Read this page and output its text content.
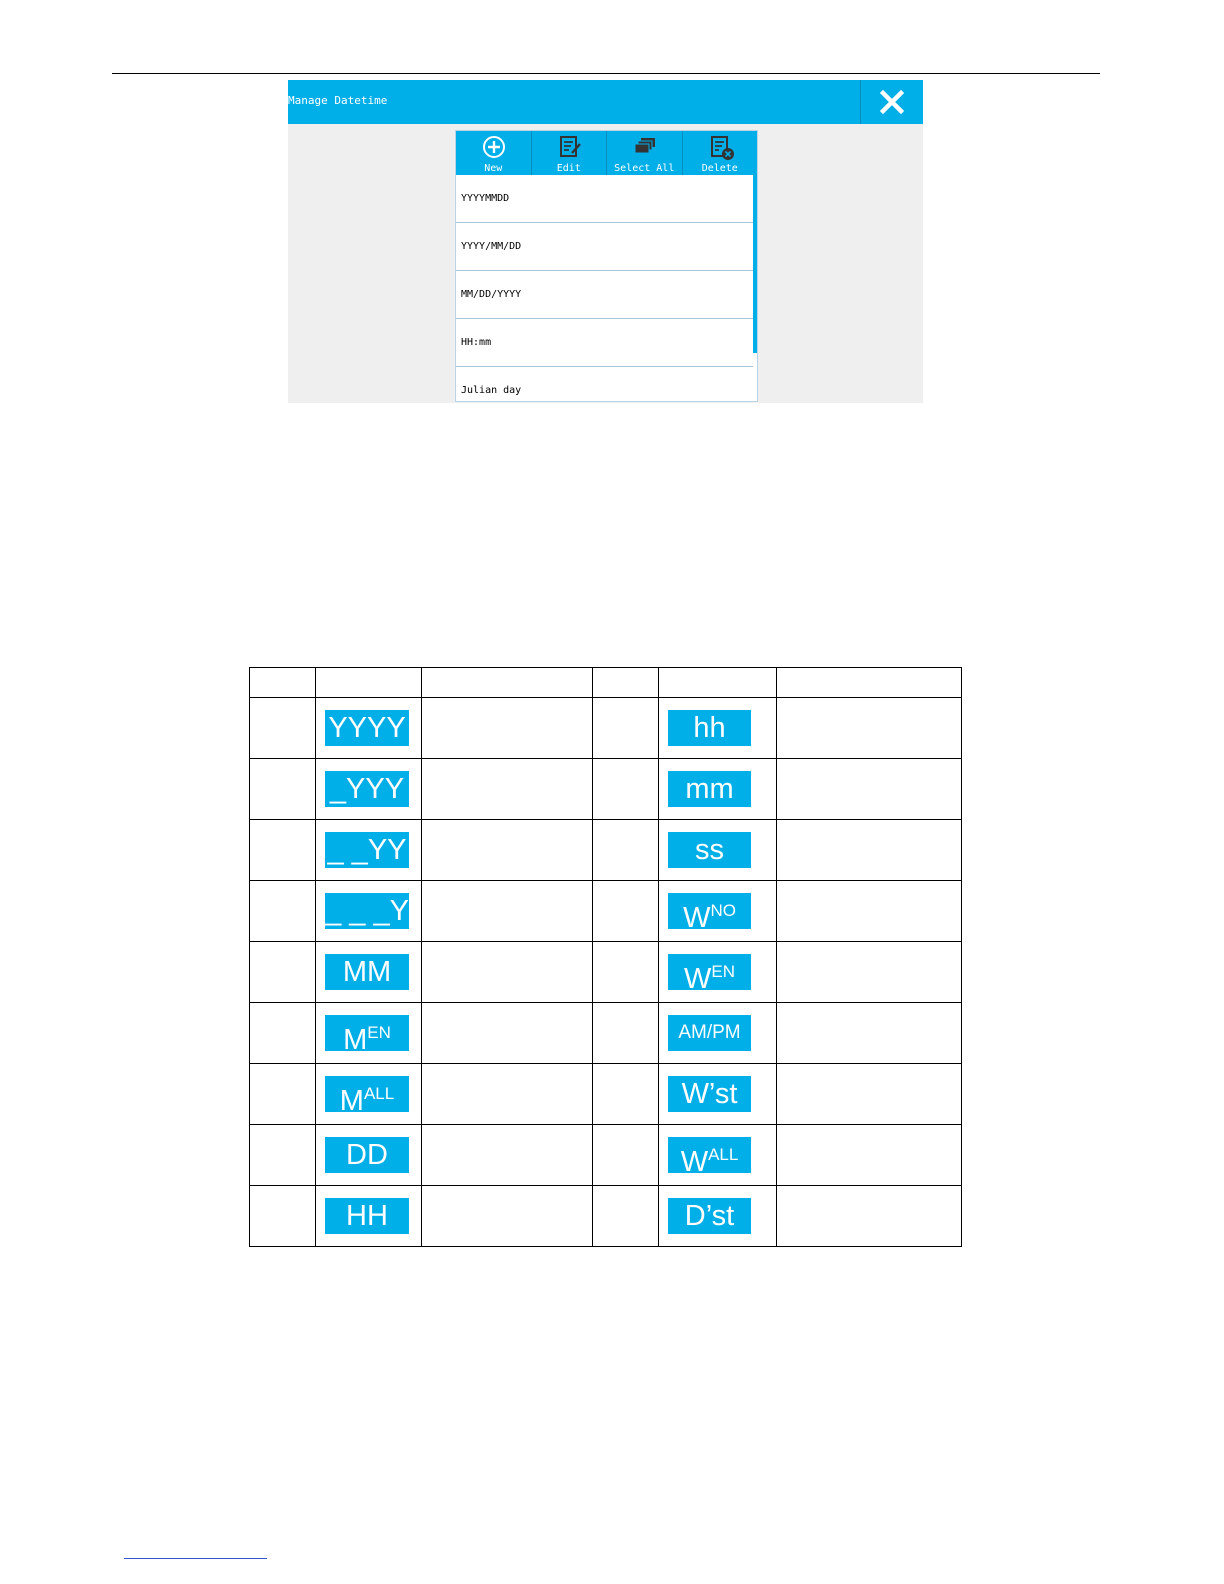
Manage Datetime
New	Edit	Select All	Delete
YYYYMMDD
YYYY/MM/DD
MM/DD/YYYY
HH:mm
Julian day

	YYYY			hh	

	_YYY			mm	

	_ _YY			ss	

	_ _ _Y			$W^{NO}$

	MM			$W^{EN}$

	$M^{EN}$			AM/PM	

	$M^{ALL}$			W’st	

	DD			$W^{ALL}$

	HH			D’st	
